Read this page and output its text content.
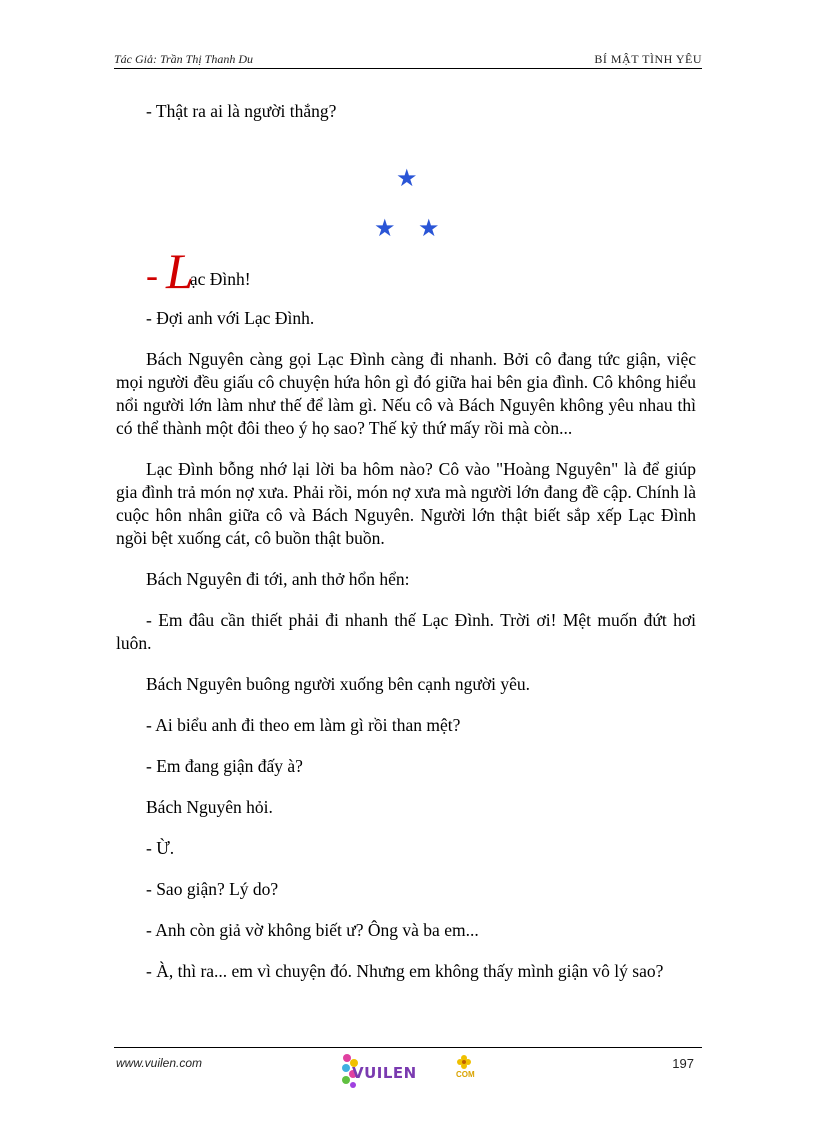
Tác Giả: Trần Thị Thanh Du	BÍ MẬT TÌNH YÊU

- Thật ra ai là người thắng?

★
★ ★
- L
ạc Đình!

- Đợi anh với Lạc Đình.

Bách Nguyên càng gọi Lạc Đình càng đi nhanh. Bởi cô đang tức giận, việc mọi người đều giấu cô chuyện hứa hôn gì đó giữa hai bên gia đình. Cô không hiểu nổi người lớn làm như thế để làm gì. Nếu cô và Bách Nguyên không yêu nhau thì có thể thành một đôi theo ý họ sao? Thế kỷ thứ mấy rồi mà còn...

Lạc Đình bỗng nhớ lại lời ba hôm nào? Cô vào "Hoàng Nguyên" là để giúp gia đình trả món nợ xưa. Phải rồi, món nợ xưa mà người lớn đang đề cập. Chính là cuộc hôn nhân giữa cô và Bách Nguyên. Người lớn thật biết sắp xếp Lạc Đình ngồi bệt xuống cát, cô buồn thật buồn.

Bách Nguyên đi tới, anh thở hổn hển:

- Em đâu cần thiết phải đi nhanh thế Lạc Đình. Trời ơi! Mệt muốn đứt hơi luôn.

Bách Nguyên buông người xuống bên cạnh người yêu.

- Ai biểu anh đi theo em làm gì rồi than mệt?

- Em đang giận đấy à?

Bách Nguyên hỏi.

- Ừ.

- Sao giận? Lý do?

- Anh còn giả vờ không biết ư? Ông và ba em...

- À, thì ra... em vì chuyện đó. Nhưng em không thấy mình giận vô lý sao?

www.vuilen.com
VUILEN	COM
197
